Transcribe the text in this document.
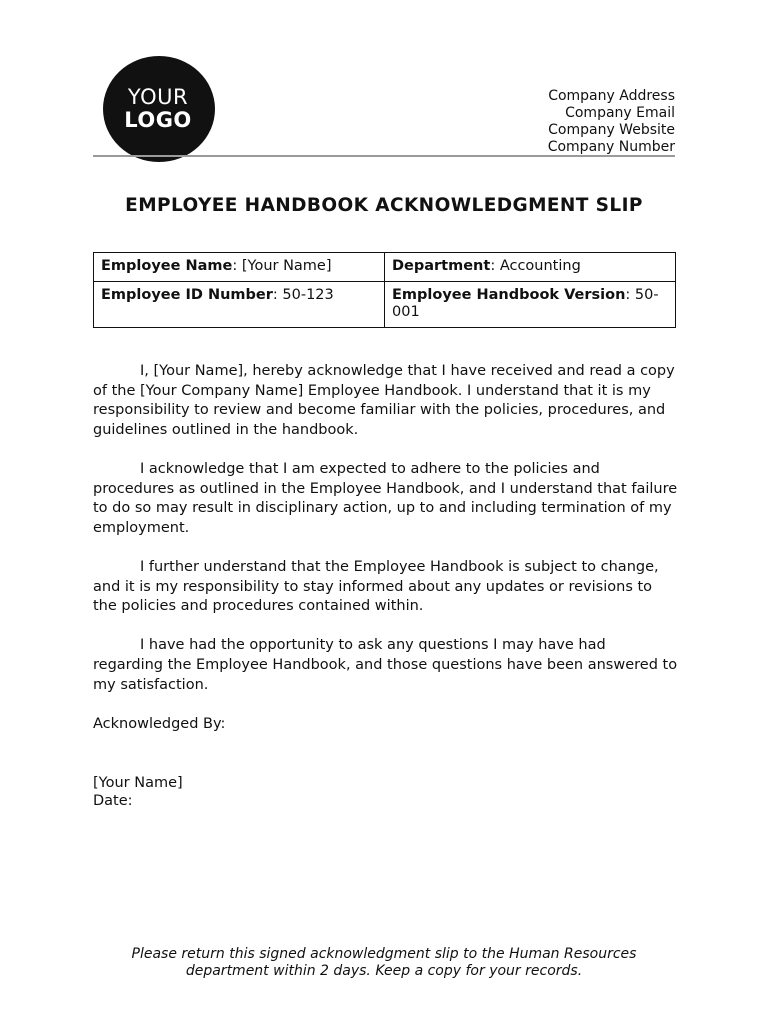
YOUR
LOGO
Company Address
Company Email
Company Website
Company Number
EMPLOYEE HANDBOOK ACKNOWLEDGMENT SLIP
Employee Name: [Your Name]	Department: Accounting
Employee ID Number: 50-123	Employee Handbook Version: 50-001

I, [Your Name], hereby acknowledge that I have received and read a copy of the [Your Company Name] Employee Handbook. I understand that it is my responsibility to review and become familiar with the policies, procedures, and guidelines outlined in the handbook.

I acknowledge that I am expected to adhere to the policies and procedures as outlined in the Employee Handbook, and I understand that failure to do so may result in disciplinary action, up to and including termination of my employment.

I further understand that the Employee Handbook is subject to change, and it is my responsibility to stay informed about any updates or revisions to the policies and procedures contained within.

I have had the opportunity to ask any questions I may have had regarding the Employee Handbook, and those questions have been answered to my satisfaction.

Acknowledged By:
[Your Name]
Date:
Please return this signed acknowledgment slip to the Human Resources department within 2 days. Keep a copy for your records.
